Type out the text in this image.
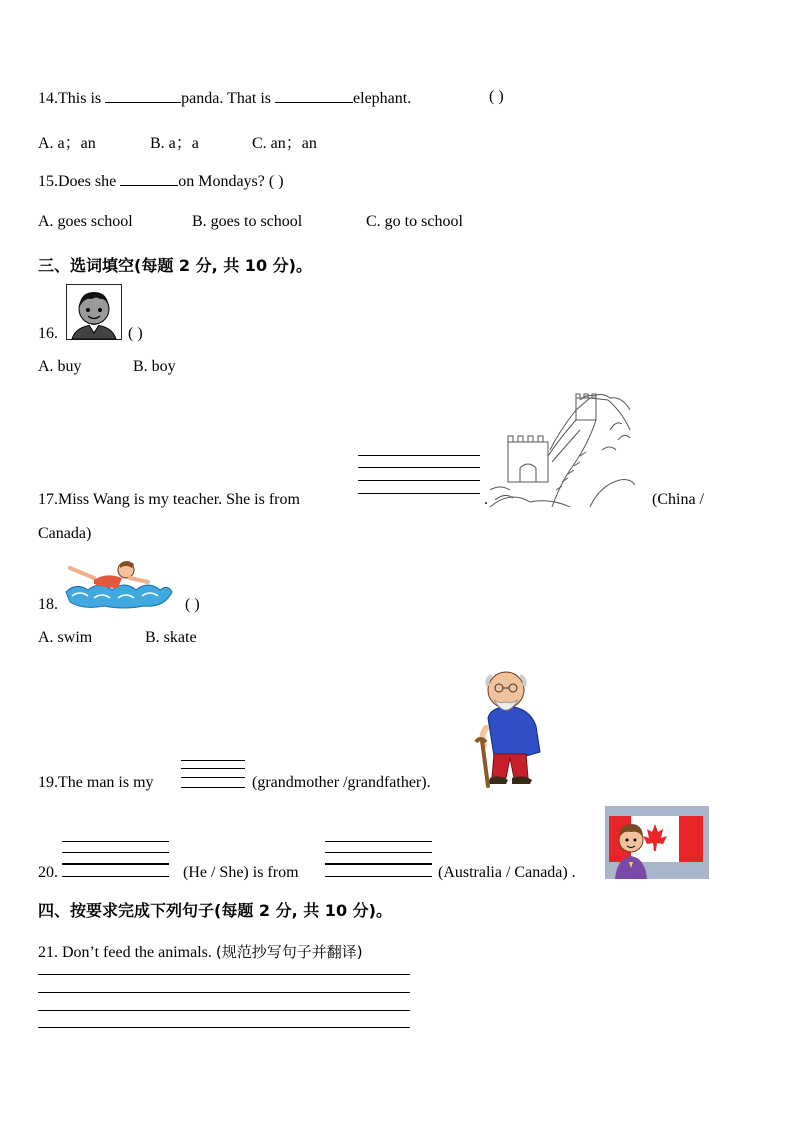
14.This is	panda. That is	elephant.	( )
A. a；an	B. a；a	C. an；an
15.Does she	on Mondays? ( )
A. goes school	B. goes to school	C. go to school
三、选词填空(每题 2 分, 共 10 分)。
16.	( )
A. buy	B. boy
17.Miss Wang is my teacher. She is from	.	(China /
Canada)
18.	( )
A. swim	B. skate
19.The man is my	(grandmother /grandfather).
20.	(He / She) is from	(Australia / Canada) .
四、按要求完成下列句子(每题 2 分, 共 10 分)。
21. Don’t feed the animals. (规范抄写句子并翻译)
